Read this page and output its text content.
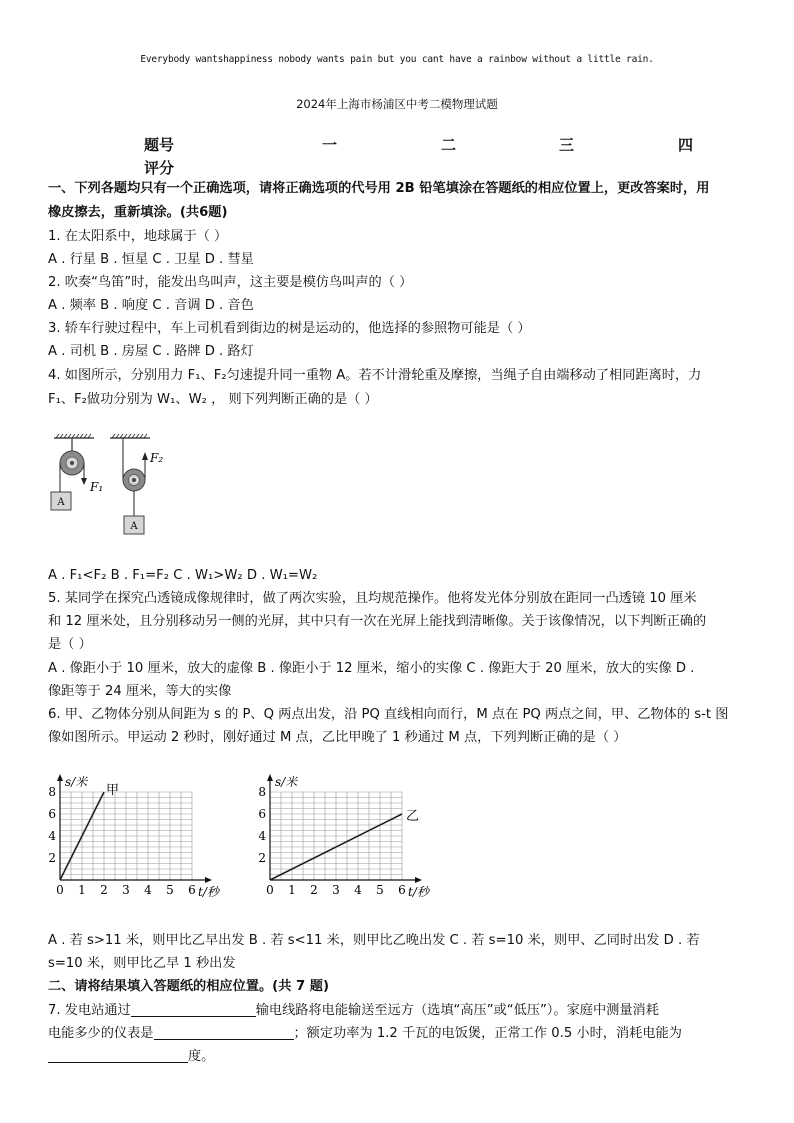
Everybody wantshappiness nobody wants pain but you cant have a rainbow without a little rain.
2024年上海市杨浦区中考二模物理试题
题号	一	二	三	四
评分
一、下列各题均只有一个正确选项，请将正确选项的代号用 2B 铅笔填涂在答题纸的相应位置上，更改答案时，用
橡皮擦去，重新填涂。(共6题)
1. 在太阳系中，地球属于（ ）
A . 行星 B . 恒星 C . 卫星 D . 彗星
2. 吹奏“鸟笛”时，能发出鸟叫声，这主要是模仿鸟叫声的（ ）
A . 频率 B . 响度 C . 音调 D . 音色
3. 轿车行驶过程中，车上司机看到街边的树是运动的，他选择的参照物可能是（ ）
A . 司机 B . 房屋 C . 路牌 D . 路灯
4. 如图所示，分别用力 F₁、F₂匀速提升同一重物 A。若不计滑轮重及摩擦，当绳子自由端移动了相同距离时，力
F₁、F₂做功分别为 W₁、W₂ ， 则下列判断正确的是（ ）
A
F₁
A
F₂
A . F₁<F₂ B . F₁=F₂ C . W₁>W₂ D . W₁=W₂
5. 某同学在探究凸透镜成像规律时，做了两次实验，且均规范操作。他将发光体分别放在距同一凸透镜 10 厘米
和 12 厘米处，且分别移动另一侧的光屏，其中只有一次在光屏上能找到清晰像。关于该像情况，以下判断正确的
是（ ）
A . 像距小于 10 厘米，放大的虚像 B . 像距小于 12 厘米，缩小的实像 C . 像距大于 20 厘米，放大的实像 D .
像距等于 24 厘米，等大的实像
6. 甲、乙物体分别从间距为 s 的 P、Q 两点出发，沿 PQ 直线相向而行，M 点在 PQ 两点之间，甲、乙物体的 s-t 图
像如图所示。甲运动 2 秒时，刚好通过 M 点，乙比甲晚了 1 秒通过 M 点，下列判断正确的是（ ）
0 1 2 3 4 5 6
2
4
6
8
s/米
t/秒
甲
0 1 2 3 4 5 6
2
4
6
8
s/米
t/秒
乙
A . 若 s>11 米，则甲比乙早出发 B . 若 s<11 米，则甲比乙晚出发 C . 若 s=10 米，则甲、乙同时出发 D . 若
s=10 米，则甲比乙早 1 秒出发
二、请将结果填入答题纸的相应位置。(共 7 题)
7. 发电站通过	输电线路将电能输送至远方（选填“高压”或“低压”）。家庭中测量消耗
电能多少的仪表是	；额定功率为 1.2 千瓦的电饭煲，正常工作 0.5 小时，消耗电能为
度。
